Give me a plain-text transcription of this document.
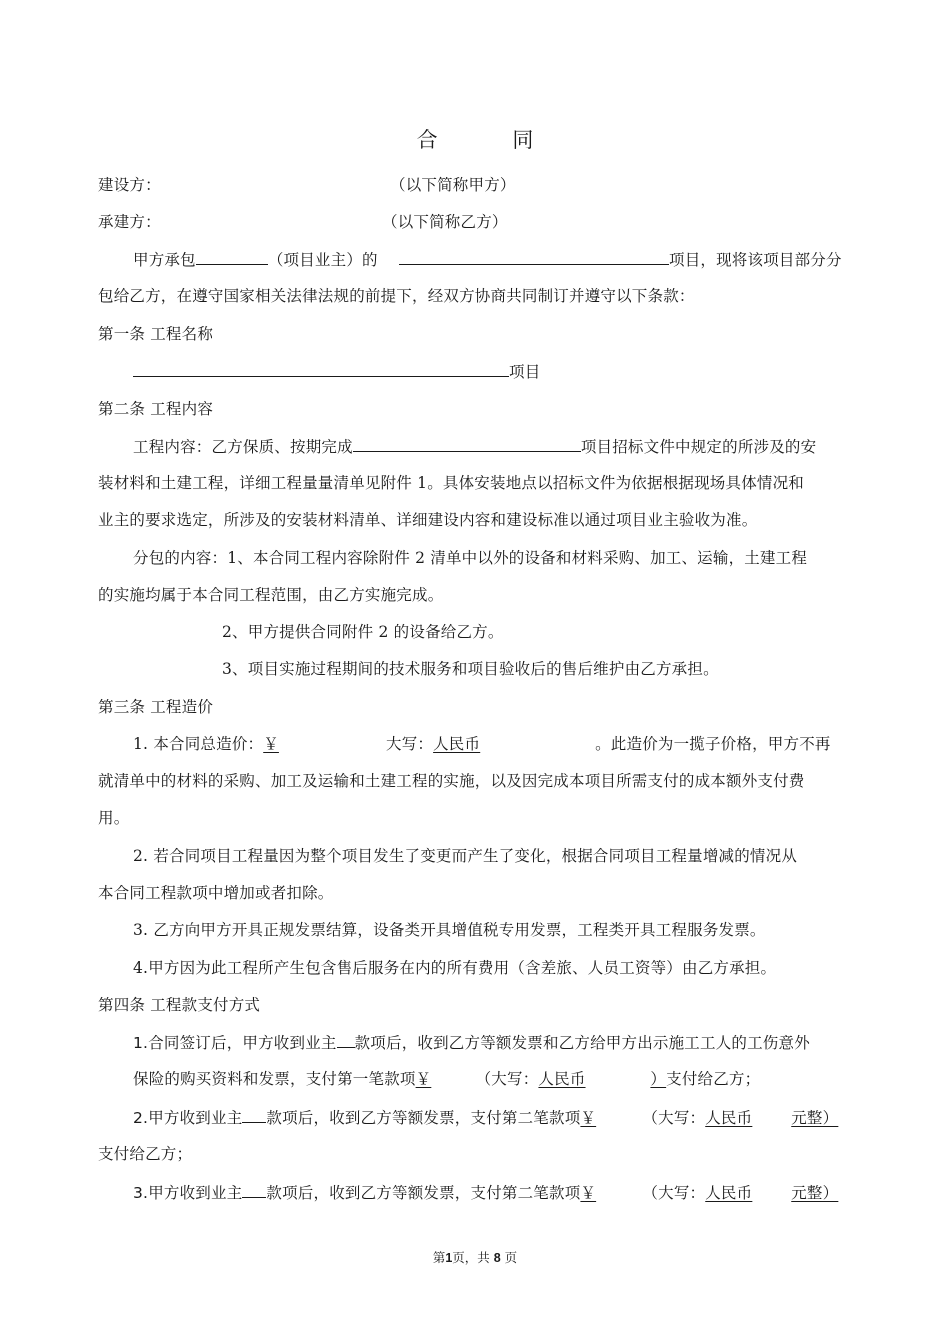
合 同
建设方：	（以下简称甲方）
承建方：	（以下简称乙方）
甲方承包	（项目业主）的	项目，现将该项目部分分
包给乙方，在遵守国家相关法律法规的前提下，经双方协商共同制订并遵守以下条款：
第一条 工程名称
项目
第二条 工程内容
工程内容：乙方保质、按期完成	项目招标文件中规定的所涉及的安
装材料和土建工程，详细工程量量清单见附件 1。具体安装地点以招标文件为依据根据现场具体情况和
业主的要求选定，所涉及的安装材料清单、详细建设内容和建设标准以通过项目业主验收为准。
分包的内容：1、本合同工程内容除附件 2 清单中以外的设备和材料采购、加工、运输，土建工程
的实施均属于本合同工程范围，由乙方实施完成。
2、甲方提供合同附件 2 的设备给乙方。
3、项目实施过程期间的技术服务和项目验收后的售后维护由乙方承担。
第三条 工程造价
1. 本合同总造价：￥	大写：人民币	。此造价为一揽子价格，甲方不再
就清单中的材料的采购、加工及运输和土建工程的实施，以及因完成本项目所需支付的成本额外支付费
用。
2. 若合同项目工程量因为整个项目发生了变更而产生了变化，根据合同项目工程量增减的情况从
本合同工程款项中增加或者扣除。
3. 乙方向甲方开具正规发票结算，设备类开具增值税专用发票，工程类开具工程服务发票。
4.甲方因为此工程所产生包含售后服务在内的所有费用（含差旅、人员工资等）由乙方承担。
第四条 工程款支付方式
1.合同签订后，甲方收到业主 款项后，收到乙方等额发票和乙方给甲方出示施工工人的工伤意外
保险的购买资料和发票，支付第一笔款项￥	（大写：人民币	）支付给乙方；
2.甲方收到业主 款项后，收到乙方等额发票，支付第二笔款项￥	（大写：人民币	元整）
支付给乙方；
3.甲方收到业主 款项后，收到乙方等额发票，支付第二笔款项￥	（大写：人民币	元整）
第1页，共 8 页
